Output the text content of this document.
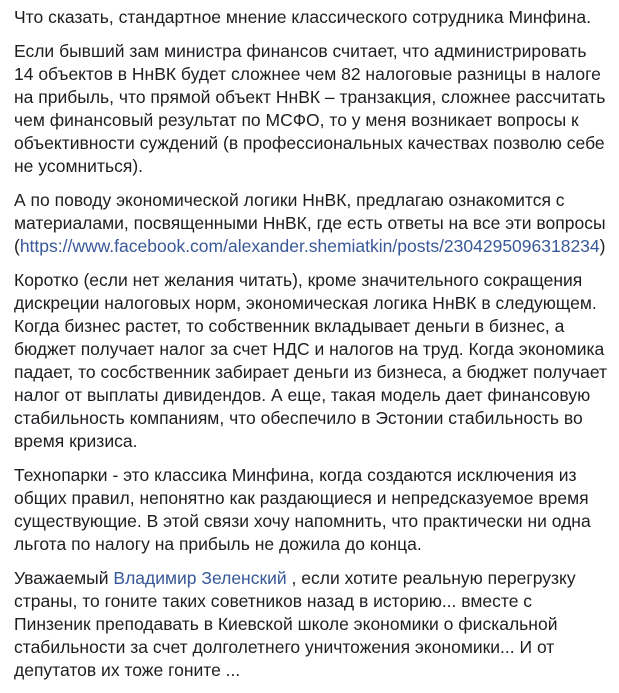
Что сказать, стандартное мнение классического сотрудника Минфина.

Если бывший зам министра финансов считает, что администрировать
14 объектов в НнВК будет сложнее чем 82 налоговые разницы в налоге
на прибыль, что прямой объект НнВК – транзакция, сложнее рассчитать
чем финансовый результат по МСФО, то у меня возникает вопросы к
объективности суждений (в профессиональных качествах позволю себе
не усомниться).

А по поводу экономической логики НнВК, предлагаю ознакомится с
материалами, посвященными НнВК, где есть ответы на все эти вопросы
(https://www.facebook.com/alexander.shemiatkin/posts/2304295096318234)

Коротко (если нет желания читать), кроме значительного сокращения
дискреции налоговых норм, экономическая логика НнВК в следующем.
Когда бизнес растет, то собственник вкладывает деньги в бизнес, а
бюджет получает налог за счет НДС и налогов на труд. Когда экономика
падает, то сосбственник забирает деньги из бизнеса, а бюджет получает
налог от выплаты дивидендов. А еще, такая модель дает финансовую
стабильность компаниям, что обеспечило в Эстонии стабильность во
время кризиса.

Технопарки - это классика Минфина, когда создаются исключения из
общих правил, непонятно как раздающиеся и непредсказуемое время
существующие. В этой связи хочу напомнить, что практически ни одна
льгота по налогу на прибыль не дожила до конца.

Уважаемый Владимир Зеленский , если хотите реальную перегрузку
страны, то гоните таких советников назад в историю... вместе с
Пинзеник преподавать в Киевской школе экономики о фискальной
стабильности за счет долголетнего уничтожения экономики... И от
депутатов их тоже гоните ...
